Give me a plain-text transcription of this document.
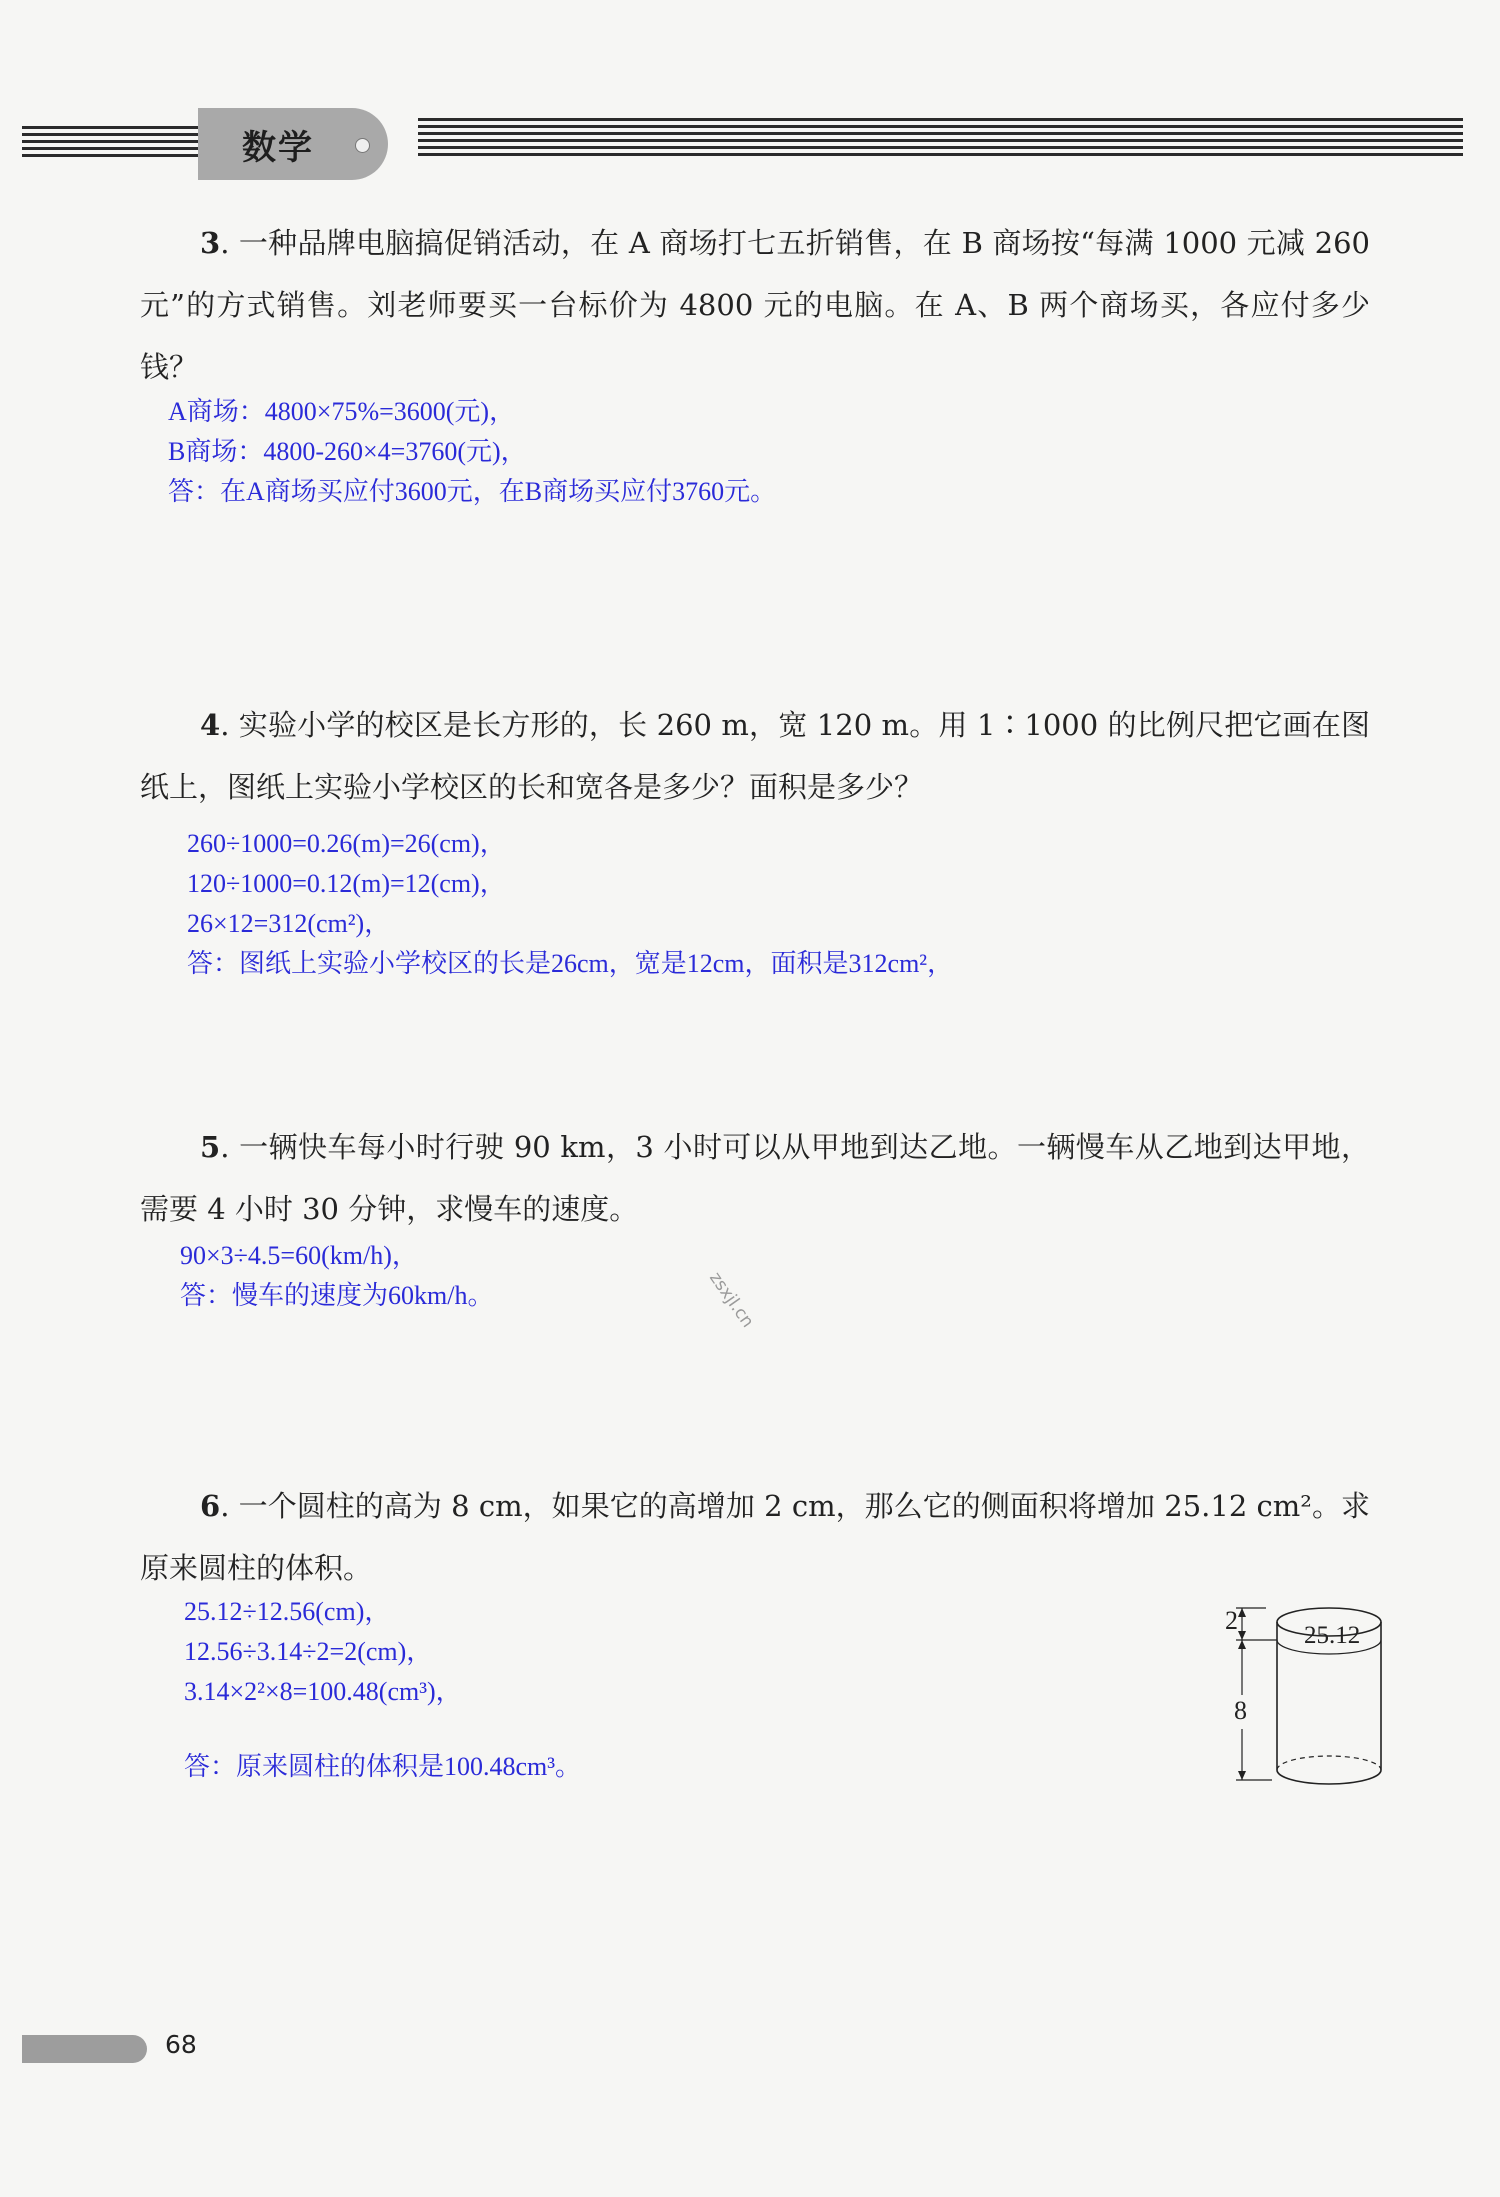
数学
3. 一种品牌电脑搞促销活动，在 A 商场打七五折销售，在 B 商场按“每满 1000 元减 260 元”的方式销售。刘老师要买一台标价为 4800 元的电脑。在 A、B 两个商场买，各应付多少钱？
A商场：4800×75%=3600(元)，
B商场：4800-260×4=3760(元)，
答：在A商场买应付3600元，在B商场买应付3760元。
4. 实验小学的校区是长方形的，长 260 m，宽 120 m。用 1∶1000 的比例尺把它画在图纸上，图纸上实验小学校区的长和宽各是多少？面积是多少？
260÷1000=0.26(m)=26(cm)，
120÷1000=0.12(m)=12(cm)，
26×12=312(cm²)，
答：图纸上实验小学校区的长是26cm，宽是12cm，面积是312cm²，
5. 一辆快车每小时行驶 90 km，3 小时可以从甲地到达乙地。一辆慢车从乙地到达甲地，需要 4 小时 30 分钟，求慢车的速度。
90×3÷4.5=60(km/h)，
答：慢车的速度为60km/h。	zsxjl.cn
6. 一个圆柱的高为 8 cm，如果它的高增加 2 cm，那么它的侧面积将增加 25.12 cm²。求原来圆柱的体积。
25.12÷12.56(cm)，
12.56÷3.14÷2=2(cm)，
3.14×2²×8=100.48(cm³)，
答：原来圆柱的体积是100.48cm³。
2
25.12
8
68
